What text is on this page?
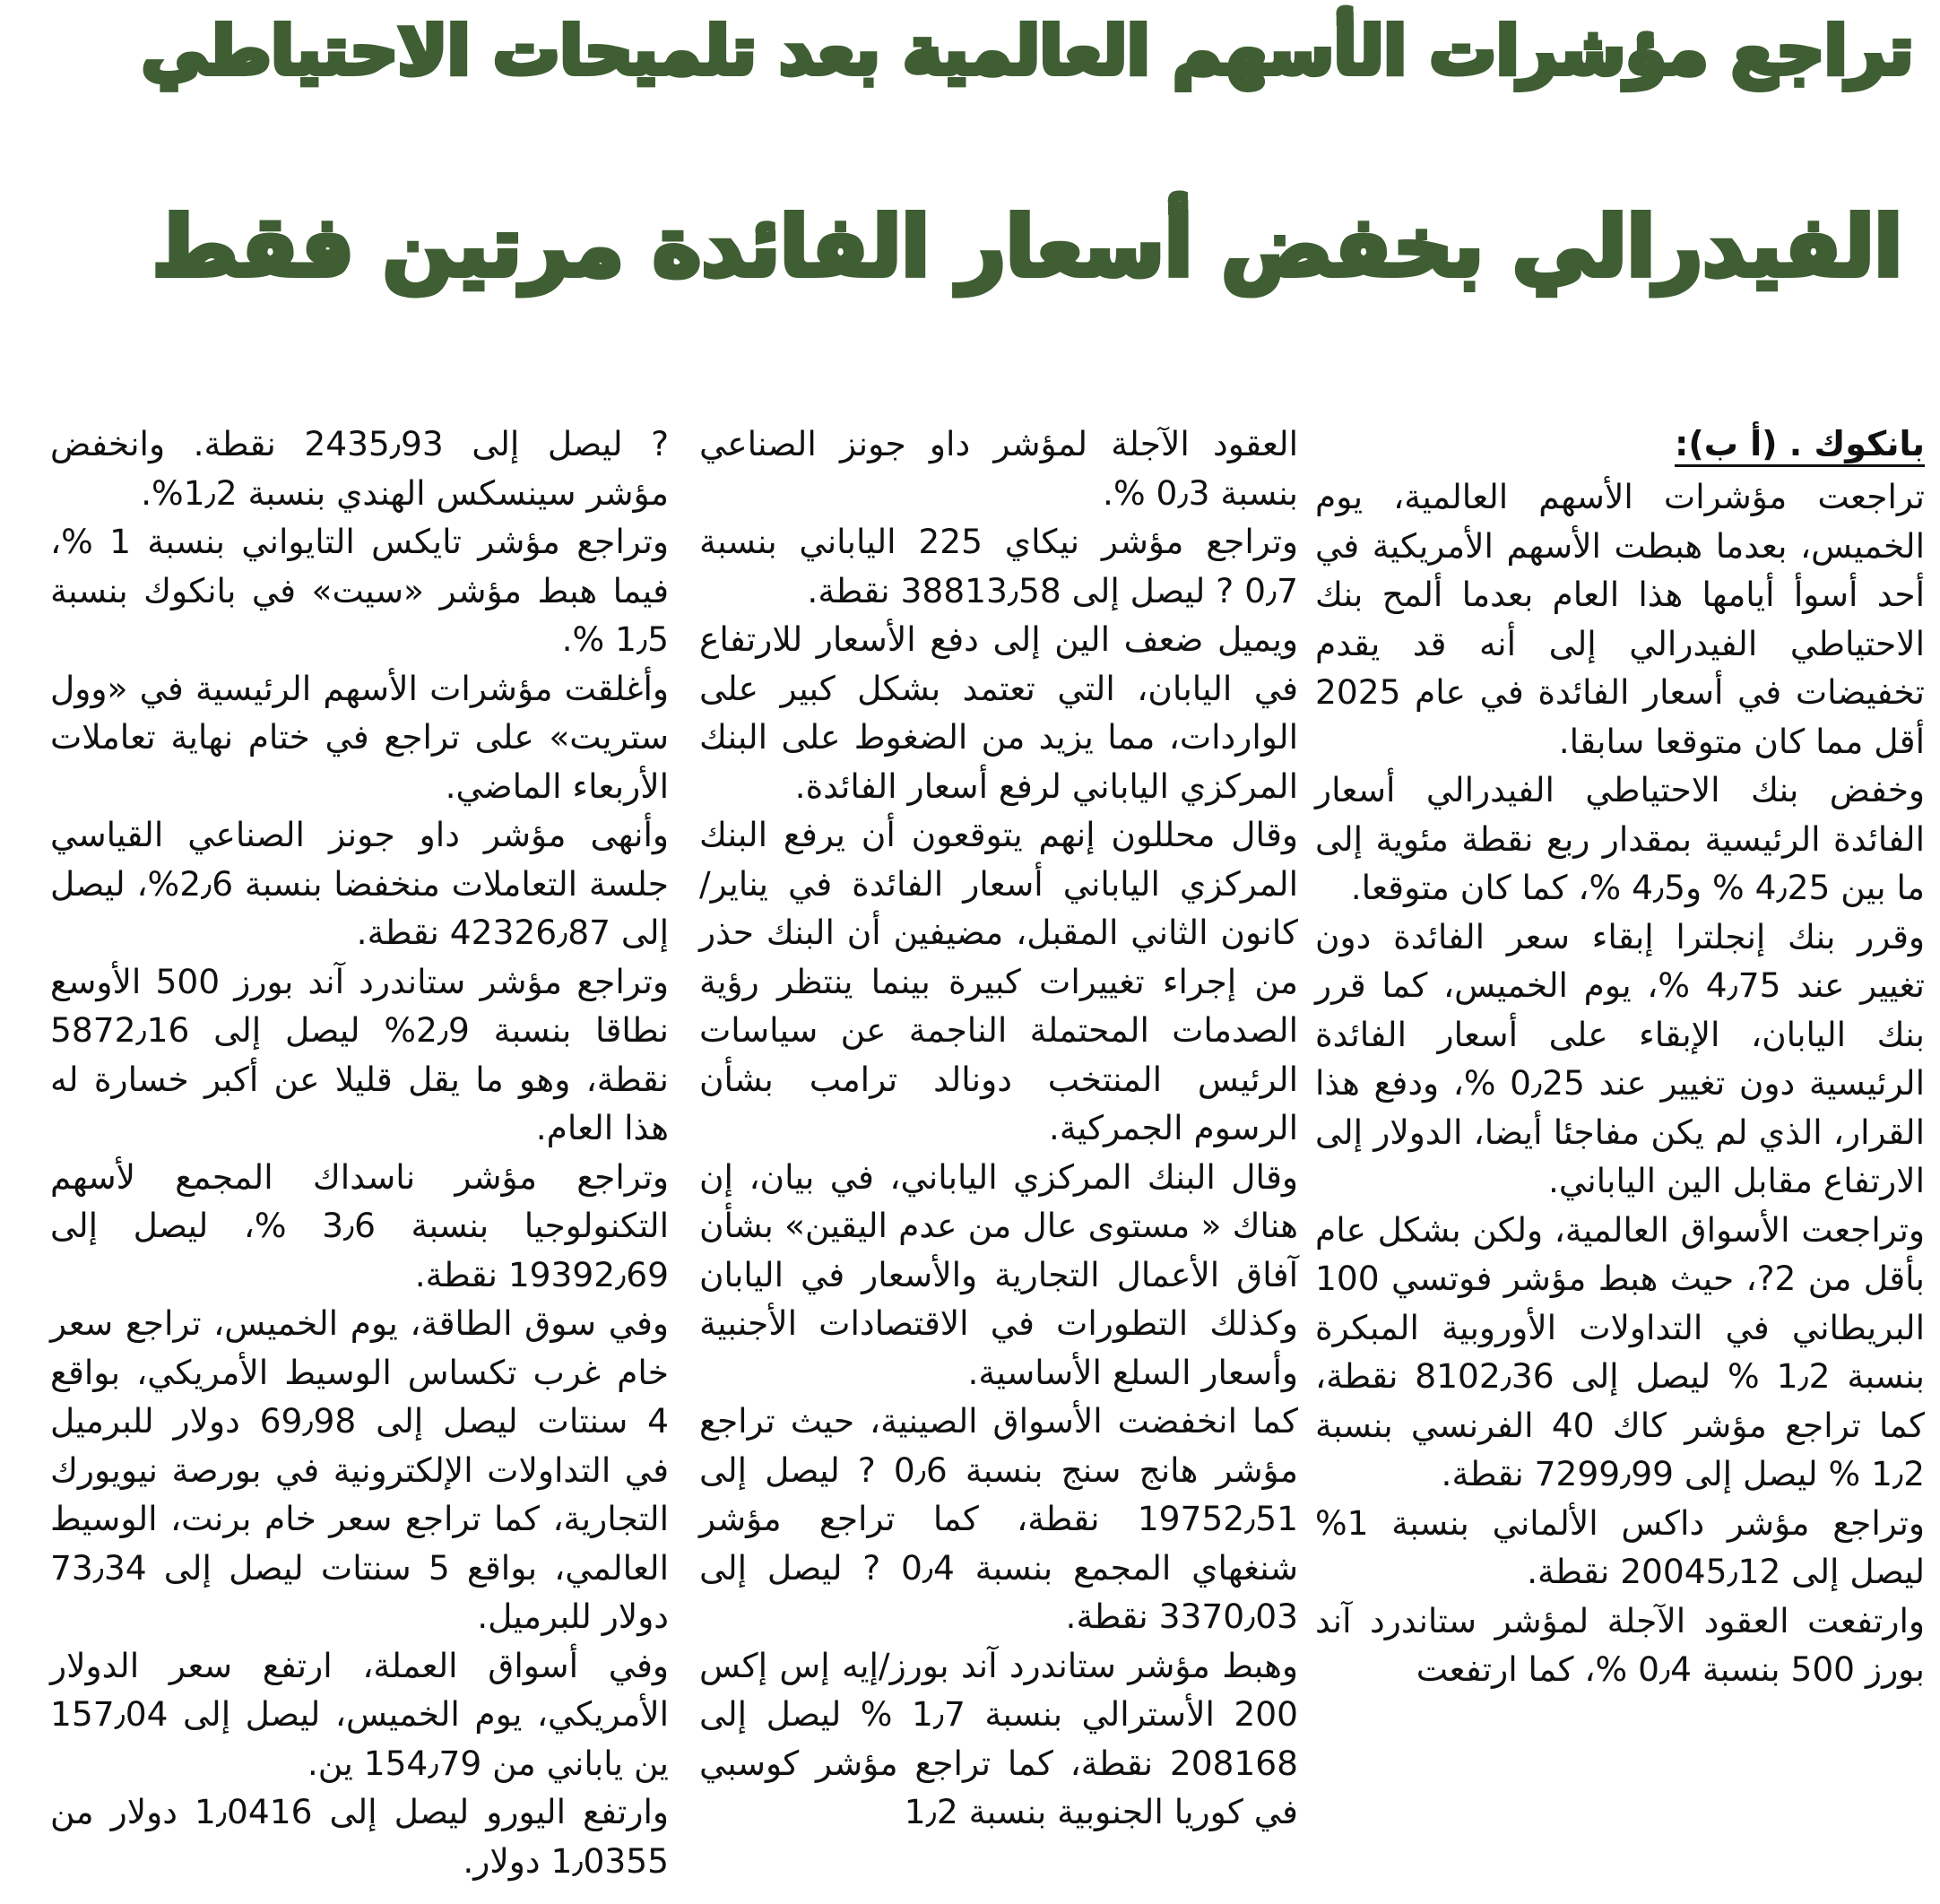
تراجع مؤشرات الأسهم العالمية بعد تلميحات الاحتياطي
الفيدرالي بخفض أسعار الفائدة مرتين فقط
بانكوك . (أ ب):

تراجعت مؤشرات الأسهم العالمية، يوم الخميس، بعدما هبطت الأسهم الأمريكية في أحد أسوأ أيامها هذا العام بعدما ألمح بنك الاحتياطي الفيدرالي إلى أنه قد يقدم تخفيضات في أسعار الفائدة في عام 2025 أقل مما كان متوقعا سابقا.

وخفض بنك الاحتياطي الفيدرالي أسعار الفائدة الرئيسية بمقدار ربع نقطة مئوية إلى ما بين 4٫25 % و4٫5 %، كما كان متوقعا.

وقرر بنك إنجلترا إبقاء سعر الفائدة دون تغيير عند 4٫75 %، يوم الخميس، كما قرر بنك اليابان، الإبقاء على أسعار الفائدة الرئيسية دون تغيير عند 0٫25 %، ودفع هذا القرار، الذي لم يكن مفاجئا أيضا، الدولار إلى الارتفاع مقابل الين الياباني.

وتراجعت الأسواق العالمية، ولكن بشكل عام بأقل من 2?، حيث هبط مؤشر فوتسي 100 البريطاني في التداولات الأوروبية المبكرة بنسبة 1٫2 % ليصل إلى 8102٫36 نقطة، كما تراجع مؤشر كاك 40 الفرنسي بنسبة 1٫2 % ليصل إلى 7299٫99 نقطة.

وتراجع مؤشر داكس الألماني بنسبة 1% ليصل إلى 20045٫12 نقطة.

وارتفعت العقود الآجلة لمؤشر ستاندرد آند بورز 500 بنسبة 0٫4 %، كما ارتفعت

العقود الآجلة لمؤشر داو جونز الصناعي بنسبة 0٫3 %.

وتراجع مؤشر نيكاي 225 الياباني بنسبة 0٫7 ? ليصل إلى 38813٫58 نقطة.

ويميل ضعف الين إلى دفع الأسعار للارتفاع في اليابان، التي تعتمد بشكل كبير على الواردات، مما يزيد من الضغوط على البنك المركزي الياباني لرفع أسعار الفائدة.

وقال محللون إنهم يتوقعون أن يرفع البنك المركزي الياباني أسعار الفائدة في يناير/كانون الثاني المقبل، مضيفين أن البنك حذر من إجراء تغييرات كبيرة بينما ينتظر رؤية الصدمات المحتملة الناجمة عن سياسات الرئيس المنتخب دونالد ترامب بشأن الرسوم الجمركية.

وقال البنك المركزي الياباني، في بيان، إن هناك « مستوى عال من عدم اليقين» بشأن آفاق الأعمال التجارية والأسعار في اليابان وكذلك التطورات في الاقتصادات الأجنبية وأسعار السلع الأساسية.

كما انخفضت الأسواق الصينية، حيث تراجع مؤشر هانج سنج بنسبة 0٫6 ? ليصل إلى 19752٫51 نقطة، كما تراجع مؤشر شنغهاي المجمع بنسبة 0٫4 ? ليصل إلى 3370٫03 نقطة.

وهبط مؤشر ستاندرد آند بورز/إيه إس إكس 200 الأسترالي بنسبة 1٫7 % ليصل إلى 208168 نقطة، كما تراجع مؤشر كوسبي في كوريا الجنوبية بنسبة 1٫2

? ليصل إلى 2435٫93 نقطة. وانخفض مؤشر سينسكس الهندي بنسبة 1٫2%.

وتراجع مؤشر تايكس التايواني بنسبة 1 %، فيما هبط مؤشر «سيت» في بانكوك بنسبة 1٫5 %.

وأغلقت مؤشرات الأسهم الرئيسية في «وول ستريت» على تراجع في ختام نهاية تعاملات الأربعاء الماضي.

وأنهى مؤشر داو جونز الصناعي القياسي جلسة التعاملات منخفضا بنسبة 2٫6%، ليصل إلى 42326٫87 نقطة.

وتراجع مؤشر ستاندرد آند بورز 500 الأوسع نطاقا بنسبة 2٫9% ليصل إلى 5872٫16 نقطة، وهو ما يقل قليلا عن أكبر خسارة له هذا العام.

وتراجع مؤشر ناسداك المجمع لأسهم التكنولوجيا بنسبة 3٫6 %، ليصل إلى 19392٫69 نقطة.

وفي سوق الطاقة، يوم الخميس، تراجع سعر خام غرب تكساس الوسيط الأمريكي، بواقع 4 سنتات ليصل إلى 69٫98 دولار للبرميل في التداولات الإلكترونية في بورصة نيويورك التجارية، كما تراجع سعر خام برنت، الوسيط العالمي، بواقع 5 سنتات ليصل إلى 73٫34 دولار للبرميل.

وفي أسواق العملة، ارتفع سعر الدولار الأمريكي، يوم الخميس، ليصل إلى 157٫04 ين ياباني من 154٫79 ين.

وارتفع اليورو ليصل إلى 1٫0416 دولار من 1٫0355 دولار.
